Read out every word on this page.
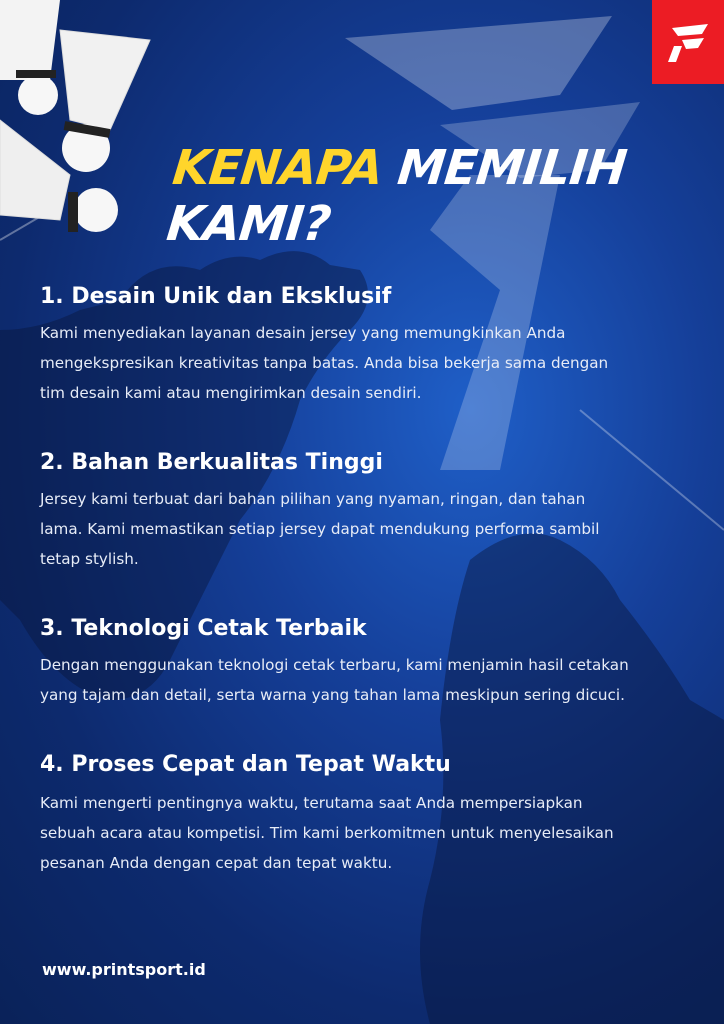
KENAPA MEMILIH KAMI?
1. Desain Unik dan Eksklusif

Kami menyediakan layanan desain jersey yang memungkinkan Anda

mengekspresikan kreativitas tanpa batas. Anda bisa bekerja sama dengan

tim desain kami atau mengirimkan desain sendiri.

2. Bahan Berkualitas Tinggi

Jersey kami terbuat dari bahan pilihan yang nyaman, ringan, dan tahan

lama. Kami memastikan setiap jersey dapat mendukung performa sambil

tetap stylish.

3. Teknologi Cetak Terbaik

Dengan menggunakan teknologi cetak terbaru, kami menjamin hasil cetakan

yang tajam dan detail, serta warna yang tahan lama meskipun sering dicuci.

4. Proses Cepat dan Tepat Waktu

Kami mengerti pentingnya waktu, terutama saat Anda mempersiapkan

sebuah acara atau kompetisi. Tim kami berkomitmen untuk menyelesaikan

pesanan Anda dengan cepat dan tepat waktu.

www.printsport.id
